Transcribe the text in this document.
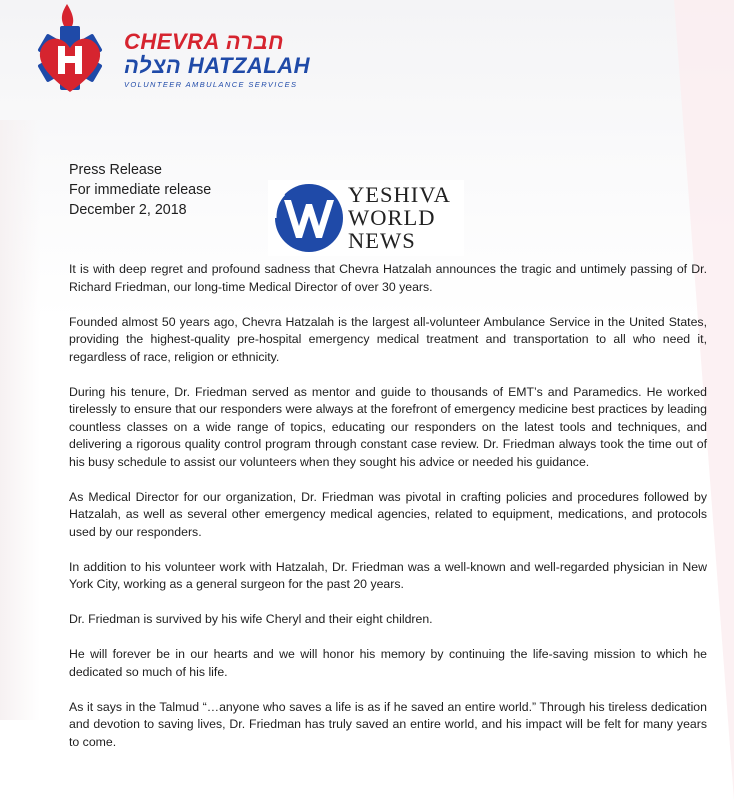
H
CHEVRA חברה
הצלה HATZALAH
VOLUNTEER AMBULANCE SERVICES
YESHIVA
WORLD
NEWS
Press Release
For immediate release
December 2, 2018

It is with deep regret and profound sadness that Chevra Hatzalah announces the tragic and untimely passing of Dr. Richard Friedman, our long-time Medical Director of over 30 years.

Founded almost 50 years ago, Chevra Hatzalah is the largest all-volunteer Ambulance Service in the United States, providing the highest-quality pre-hospital emergency medical treatment and transportation to all who need it, regardless of race, religion or ethnicity.

During his tenure, Dr. Friedman served as mentor and guide to thousands of EMT’s and Paramedics. He worked tirelessly to ensure that our responders were always at the forefront of emergency medicine best practices by leading countless classes on a wide range of topics, educating our responders on the latest tools and techniques, and delivering a rigorous quality control program through constant case review. Dr. Friedman always took the time out of his busy schedule to assist our volunteers when they sought his advice or needed his guidance.

As Medical Director for our organization, Dr. Friedman was pivotal in crafting policies and procedures followed by Hatzalah, as well as several other emergency medical agencies, related to equipment, medications, and protocols used by our responders.

In addition to his volunteer work with Hatzalah, Dr. Friedman was a well-known and well-regarded physician in New York City, working as a general surgeon for the past 20 years.

Dr. Friedman is survived by his wife Cheryl and their eight children.

He will forever be in our hearts and we will honor his memory by continuing the life-saving mission to which he dedicated so much of his life.

As it says in the Talmud “…anyone who saves a life is as if he saved an entire world.” Through his tireless dedication and devotion to saving lives, Dr. Friedman has truly saved an entire world, and his impact will be felt for many years to come.
